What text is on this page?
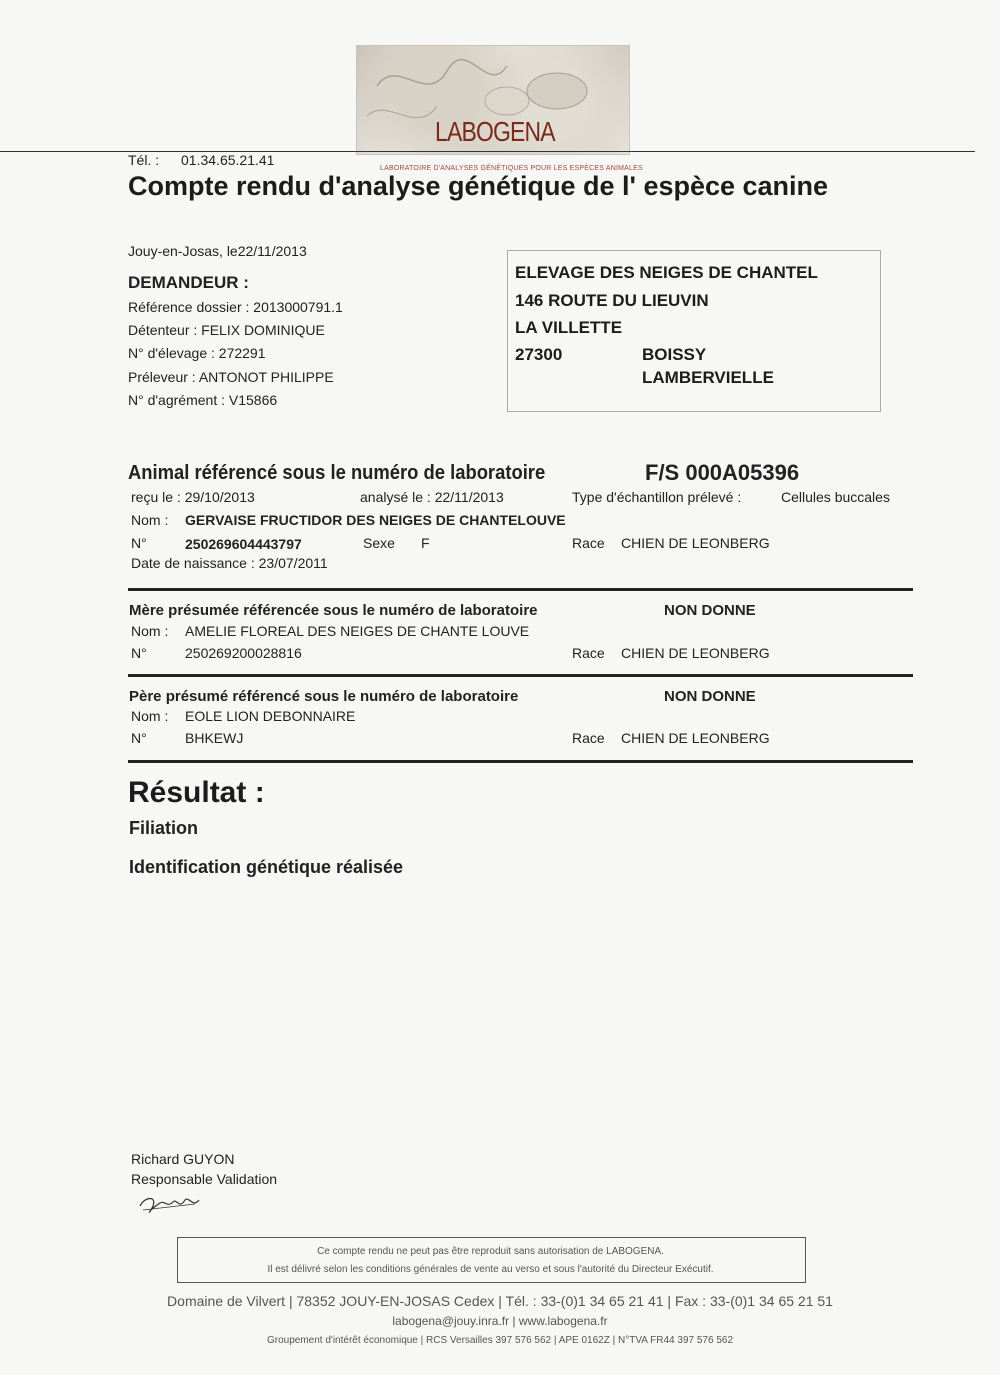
LABOGENA
LABORATOIRE D'ANALYSES GÉNÉTIQUES POUR LES ESPÈCES ANIMALES
Tél. : 01.34.65.21.41
Compte rendu d'analyse génétique de l' espèce canine
Jouy-en-Josas, le22/11/2013
DEMANDEUR :
Référence dossier : 2013000791.1
Détenteur : FELIX DOMINIQUE
N° d'élevage : 272291
Préleveur : ANTONOT PHILIPPE
N° d'agrément : V15866
ELEVAGE DES NEIGES DE CHANTEL
146 ROUTE DU LIEUVIN
LA VILLETTE
27300	BOISSY
LAMBERVIELLE
Animal référencé sous le numéro de laboratoire	F/S 000A05396
reçu le : 29/10/2013	analysé le : 22/11/2013	Type d'échantillon prélevé :	Cellules buccales
Nom : GERVAISE FRUCTIDOR DES NEIGES DE CHANTELOUVE
N°	250269604443797	Sexe F	Race CHIEN DE LEONBERG
Date de naissance : 23/07/2011
Mère présumée référencée sous le numéro de laboratoire	NON DONNE
Nom : AMELIE FLOREAL DES NEIGES DE CHANTE LOUVE
N°	250269200028816	Race CHIEN DE LEONBERG
Père présumé référencé sous le numéro de laboratoire	NON DONNE
Nom : EOLE LION DEBONNAIRE
N°	BHKEWJ	Race CHIEN DE LEONBERG
Résultat :
Filiation
Identification génétique réalisée
Richard GUYON
Responsable Validation
Ce compte rendu ne peut pas être reproduit sans autorisation de LABOGENA.
Il est délivré selon les conditions générales de vente au verso et sous l'autorité du Directeur Exécutif.
Domaine de Vilvert | 78352 JOUY-EN-JOSAS Cedex | Tél. : 33-(0)1 34 65 21 41 | Fax : 33-(0)1 34 65 21 51
labogena@jouy.inra.fr | www.labogena.fr
Groupement d'intérêt économique | RCS Versailles 397 576 562 | APE 0162Z | N°TVA FR44 397 576 562
